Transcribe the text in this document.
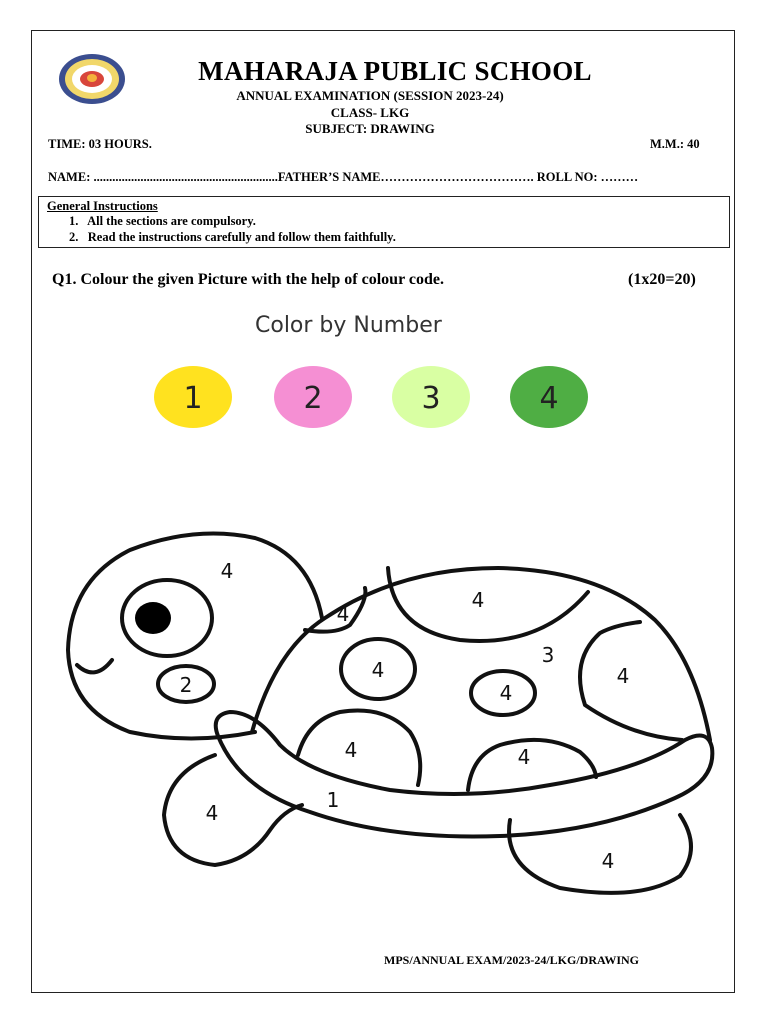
MAHARAJA PUBLIC SCHOOL
ANNUAL EXAMINATION (SESSION 2023-24)
CLASS- LKG
SUBJECT: DRAWING
TIME: 03 HOURS.	M.M.: 40
NAME: ...........................................................FATHER’S NAME………………………………. ROLL NO: ………
General Instructions
1. All the sections are compulsory.
2. Read the instructions carefully and follow them faithfully.
Q1. Colour the given Picture with the help of colour code.	(1x20=20)
Color by Number
1	2	3	4
4
2
4
4
4
4
3
4
4	4
1
4
4
MPS/ANNUAL EXAM/2023-24/LKG/DRAWING
